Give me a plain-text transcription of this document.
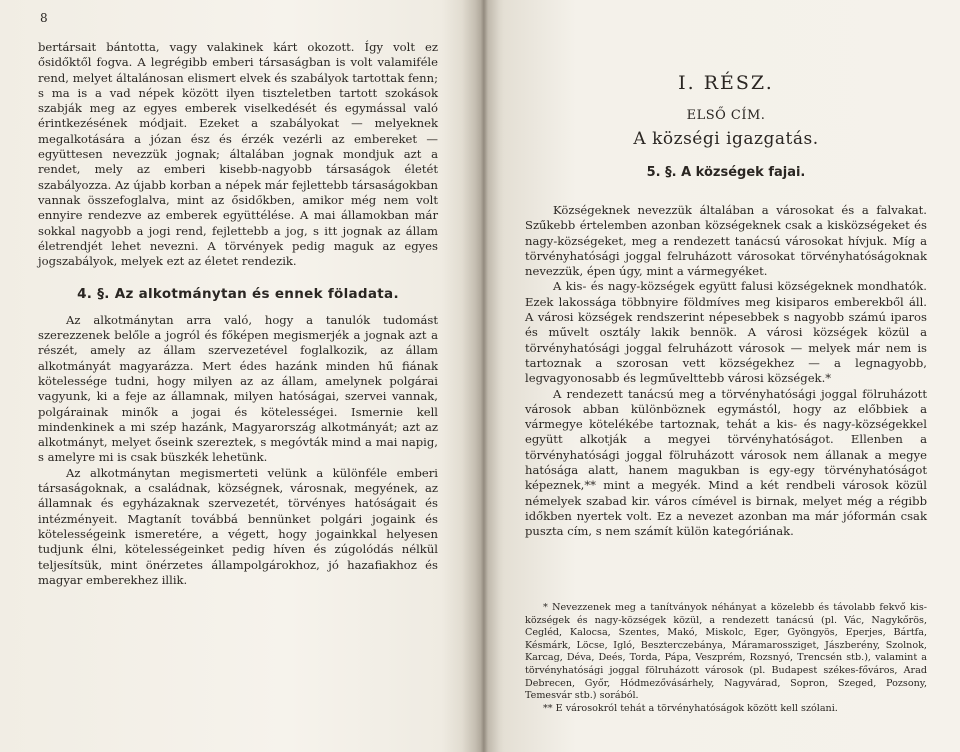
8

bertársait bántotta, vagy valakinek kárt okozott. Így volt ez ősidőktől fogva. A legrégibb emberi társaságban is volt valamiféle rend, melyet általánosan elismert elvek és szabályok tartottak fenn; s ma is a vad népek között ilyen tiszteletben tartott szokások szabják meg az egyes emberek viselkedését és egymással való érintkezésének módjait. Ezeket a szabályokat — melyeknek megalkotására a józan ész és érzék vezérli az embereket — együttesen nevezzük jognak; általában jognak mondjuk azt a rendet, mely az emberi kisebb-nagyobb társaságok életét szabályozza. Az újabb korban a népek már fejlettebb társaságokban vannak összefoglalva, mint az ősidőkben, amikor még nem volt ennyire rendezve az emberek együttélése. A mai államokban már sokkal nagyobb a jogi rend, fejlettebb a jog, s itt jognak az állam életrendjét lehet nevezni. A törvények pedig maguk az egyes jogszabályok, melyek ezt az életet rendezik.

4. §. Az alkotmánytan és ennek föladata.

Az alkotmánytan arra való, hogy a tanulók tudomást szerezzenek belőle a jogról és főképen megismerjék a jognak azt a részét, amely az állam szervezetével foglalkozik, az állam alkotmányát magyarázza. Mert édes hazánk minden hű fiának kötelessége tudni, hogy milyen az az állam, amelynek polgárai vagyunk, ki a feje az államnak, milyen hatóságai, szervei vannak, polgárainak minők a jogai és kötelességei. Ismernie kell mindenkinek a mi szép hazánk, Magyarország alkotmányát; azt az alkotmányt, melyet őseink szereztek, s megóvták mind a mai napig, s amelyre mi is csak büszkék lehetünk.

Az alkotmánytan megismerteti velünk a különféle emberi társaságoknak, a családnak, községnek, városnak, megyének, az államnak és egyházaknak szervezetét, törvényes hatóságait és intézményeit. Magtanít továbbá bennünket polgári jogaink és kötelességeink ismeretére, a végett, hogy jogainkkal helyesen tudjunk élni, kötelességeinket pedig híven és zúgolódás nélkül teljesítsük, mint önérzetes állampolgárokhoz, jó hazafiakhoz és magyar emberekhez illik.

I. RÉSZ.
ELSŐ CÍM.
A községi igazgatás.
5. §. A községek fajai.

Községeknek nevezzük általában a városokat és a falvakat. Szűkebb értelemben azonban községeknek csak a kisközségeket és nagy-községeket, meg a rendezett tanácsú városokat hívjuk. Míg a törvényhatósági joggal felruházott városokat törvényhatóságoknak nevezzük, épen úgy, mint a vármegyéket.

A kis- és nagy-községek együtt falusi községeknek mondhatók. Ezek lakossága többnyire földmíves meg kisiparos emberekből áll. A városi községek rendszerint népesebbek s nagyobb számú iparos és művelt osztály lakik bennök. A városi községek közül a törvényhatósági joggal felruházott városok — melyek már nem is tartoznak a szorosan vett községekhez — a legnagyobb, legvagyonosabb és legművelttebb városi községek.*

A rendezett tanácsú meg a törvényhatósági joggal fölruházott városok abban különböznek egymástól, hogy az előbbiek a vármegye kötelékébe tartoznak, tehát a kis- és nagy-községekkel együtt alkotják a megyei törvényhatóságot. Ellenben a törvényhatósági joggal fölruházott városok nem állanak a megye hatósága alatt, hanem magukban is egy-egy törvényhatóságot képeznek,** mint a megyék. Mind a két rendbeli városok közül némelyek szabad kir. város címével is birnak, melyet még a régibb időkben nyertek volt. Ez a nevezet azonban ma már jóformán csak puszta cím, s nem számít külön kategóriának.

* Nevezzenek meg a tanítványok néhányat a közelebb és távolabb fekvő kis-községek és nagy-községek közül, a rendezett tanácsú (pl. Vác, Nagykőrös, Cegléd, Kalocsa, Szentes, Makó, Miskolc, Eger, Gyöngyös, Eperjes, Bártfa, Késmárk, Löcse, Igló, Beszterczebánya, Máramarossziget, Jászberény, Szolnok, Karcag, Déva, Deés, Torda, Pápa, Veszprém, Rozsnyó, Trencsén stb.), valamint a törvényhatósági joggal fölruházott városok (pl. Budapest székes-főváros, Arad Debrecen, Győr, Hódmezővásárhely, Nagyvárad, Sopron, Szeged, Pozsony, Temesvár stb.) sorából.

** E városokról tehát a törvényhatóságok között kell szólani.
